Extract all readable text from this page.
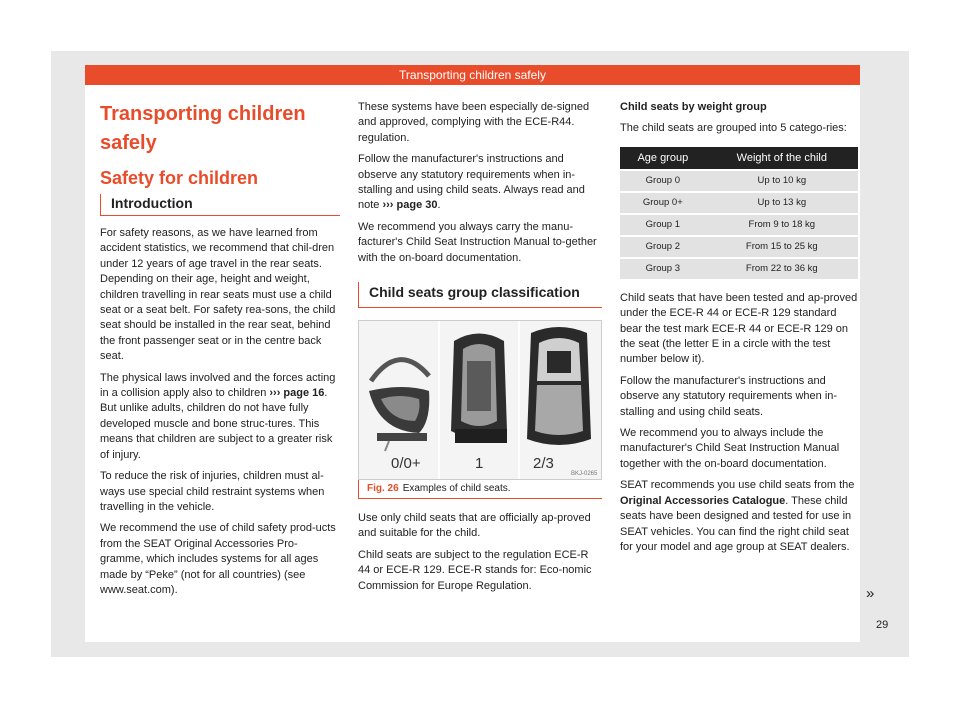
Transporting children safely
Transporting children safely
Safety for children
Introduction

For safety reasons, as we have learned from accident statistics, we recommend that chil-dren under 12 years of age travel in the rear seats. Depending on their age, height and weight, children travelling in rear seats must use a child seat or a seat belt. For safety rea-sons, the child seat should be installed in the rear seat, behind the front passenger seat or in the centre back seat.

The physical laws involved and the forces acting in a collision apply also to children ››› page 16. But unlike adults, children do not have fully developed muscle and bone struc-tures. This means that children are subject to a greater risk of injury.

To reduce the risk of injuries, children must al-ways use special child restraint systems when travelling in the vehicle.

We recommend the use of child safety prod-ucts from the SEAT Original Accessories Pro-gramme, which includes systems for all ages made by “Peke” (not for all countries) (see www.seat.com).

These systems have been especially de-signed and approved, complying with the ECE-R44. regulation.

Follow the manufacturer's instructions and observe any statutory requirements when in-stalling and using child seats. Always read and note ››› page 30.

We recommend you always carry the manu-facturer's Child Seat Instruction Manual to-gether with the on-board documentation.

Child seats group classification
0/0+	1	2/3
BKJ-0265
Fig. 26 Examples of child seats.

Use only child seats that are officially ap-proved and suitable for the child.

Child seats are subject to the regulation ECE-R 44 or ECE-R 129. ECE-R stands for: Eco-nomic Commission for Europe Regulation.

Child seats by weight group

The child seats are grouped into 5 catego-ries:

Age group	Weight of the child
Group 0	Up to 10 kg
Group 0+	Up to 13 kg
Group 1	From 9 to 18 kg
Group 2	From 15 to 25 kg
Group 3	From 22 to 36 kg

Child seats that have been tested and ap-proved under the ECE-R 44 or ECE-R 129 standard bear the test mark ECE-R 44 or ECE-R 129 on the seat (the letter E in a circle with the test number below it).

Follow the manufacturer's instructions and observe any statutory requirements when in-stalling and using child seats.

We recommend you to always include the manufacturer's Child Seat Instruction Manual together with the on-board documentation.

SEAT recommends you use child seats from the Original Accessories Catalogue. These child seats have been designed and tested for use in SEAT vehicles. You can find the right child seat for your model and age group at SEAT dealers.

»
29
